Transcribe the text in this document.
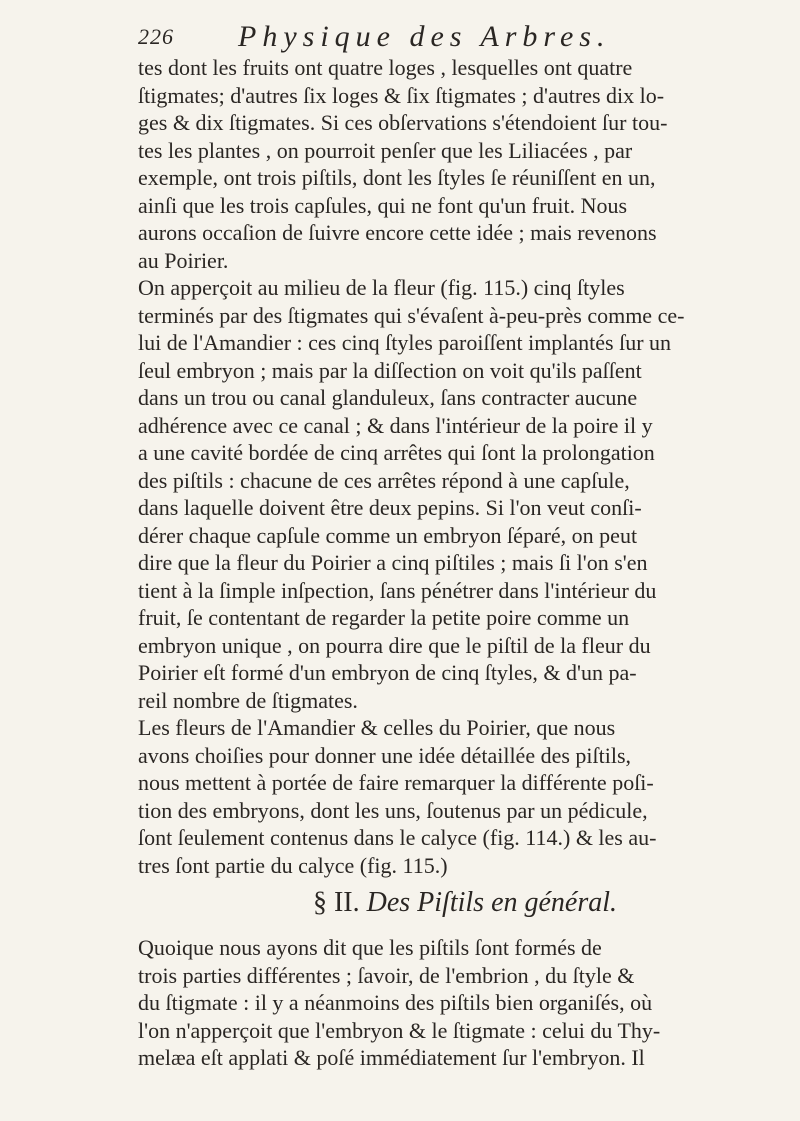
226 Physique des Arbres.
tes dont les fruits ont quatre loges , lesquelles ont quatre
ſtigmates; d'autres ſix loges & ſix ſtigmates ; d'autres dix lo-
ges & dix ſtigmates. Si ces obſervations s'étendoient ſur tou-
tes les plantes , on pourroit penſer que les Liliacées , par
exemple, ont trois piſtils, dont les ſtyles ſe réuniſſent en un,
ainſi que les trois capſules, qui ne font qu'un fruit. Nous
aurons occaſion de ſuivre encore cette idée ; mais revenons
au Poirier.
On apperçoit au milieu de la fleur (fig. 115.) cinq ſtyles
terminés par des ſtigmates qui s'évaſent à-peu-près comme ce-
lui de l'Amandier : ces cinq ſtyles paroiſſent implantés ſur un
ſeul embryon ; mais par la diſſection on voit qu'ils paſſent
dans un trou ou canal glanduleux, ſans contracter aucune
adhérence avec ce canal ; & dans l'intérieur de la poire il y
a une cavité bordée de cinq arrêtes qui ſont la prolongation
des piſtils : chacune de ces arrêtes répond à une capſule,
dans laquelle doivent être deux pepins. Si l'on veut conſi-
dérer chaque capſule comme un embryon ſéparé, on peut
dire que la fleur du Poirier a cinq piſtiles ; mais ſi l'on s'en
tient à la ſimple inſpection, ſans pénétrer dans l'intérieur du
fruit, ſe contentant de regarder la petite poire comme un
embryon unique , on pourra dire que le piſtil de la fleur du
Poirier eſt formé d'un embryon de cinq ſtyles, & d'un pa-
reil nombre de ſtigmates.
Les fleurs de l'Amandier & celles du Poirier, que nous
avons choiſies pour donner une idée détaillée des piſtils,
nous mettent à portée de faire remarquer la différente poſi-
tion des embryons, dont les uns, ſoutenus par un pédicule,
ſont ſeulement contenus dans le calyce (fig. 114.) & les au-
tres ſont partie du calyce (fig. 115.)
§ II. Des Piſtils en général.
Quoique nous ayons dit que les piſtils ſont formés de
trois parties différentes ; ſavoir, de l'embrion , du ſtyle &
du ſtigmate : il y a néanmoins des piſtils bien organiſés, où
l'on n'apperçoit que l'embryon & le ſtigmate : celui du Thy-
melæa eſt applati & poſé immédiatement ſur l'embryon. Il
